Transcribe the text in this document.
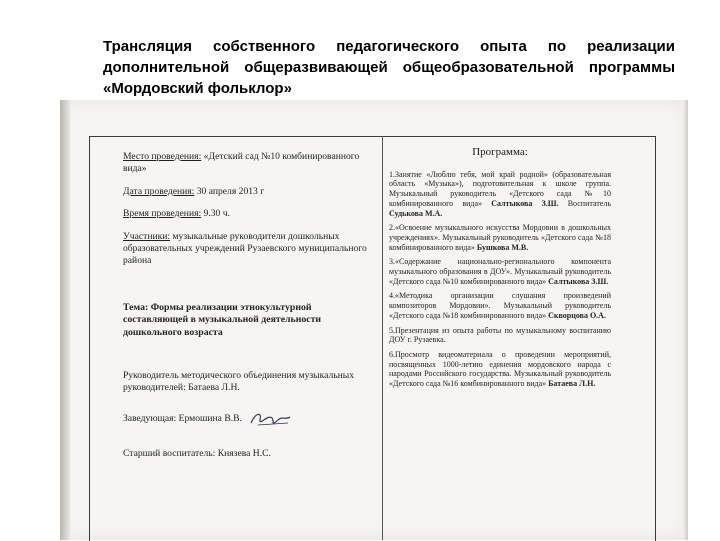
Трансляция собственного педагогического опыта по реализации дополнительной общеразвивающей общеобразовательной программы «Мордовский фольклор»
Место проведения: «Детский сад №10 комбинированного вида»
Дата проведения: 30 апреля 2013 г
Время проведения: 9.30 ч.
Участники: музыкальные руководители дошкольных образовательных учреждений Рузаевского муниципального района
Тема: Формы реализации этнокультурной составляющей в музыкальной деятельности дошкольного возраста
Руководитель методического объединения музыкальных руководителей: Батаева Л.Н.
Заведующая: Ермошина В.В.
Старший воспитатель: Князева Н.С.
Программа:
1.Занятие «Люблю тебя, мой край родной» (образовательная область «Музыка»), подготовительная к школе группа. Музыкальный руководитель «Детского сада №10 комбинированного вида» Салтыкова З.Ш. Воспитатель Судькова М.А.
2.«Освоение музыкального искусства Мордовии в дошкольных учреждениях». Музыкальный руководитель «Детского сада №18 комбинированного вида» Бушкова М.В.
3.«Содержание национально-регионального компонента музыкального образования в ДОУ». Музыкальный руководитель «Детского сада №10 комбинированного вида» Салтыкова З.Ш.
4.«Методика организации слушания произведений композиторов Мордовии». Музыкальный руководитель «Детского сада №18 комбинированного вида» Скворцова О.А.
5.Презентация из опыта работы по музыкальному воспитанию ДОУ г. Рузаевка.
6.Просмотр видеоматериала о проведении мероприятий, посвященных 1000-летию единения мордовского народа с народами Российского государства. Музыкальный руководитель «Детского сада №16 комбинированного вида» Батаева Л.Н.
